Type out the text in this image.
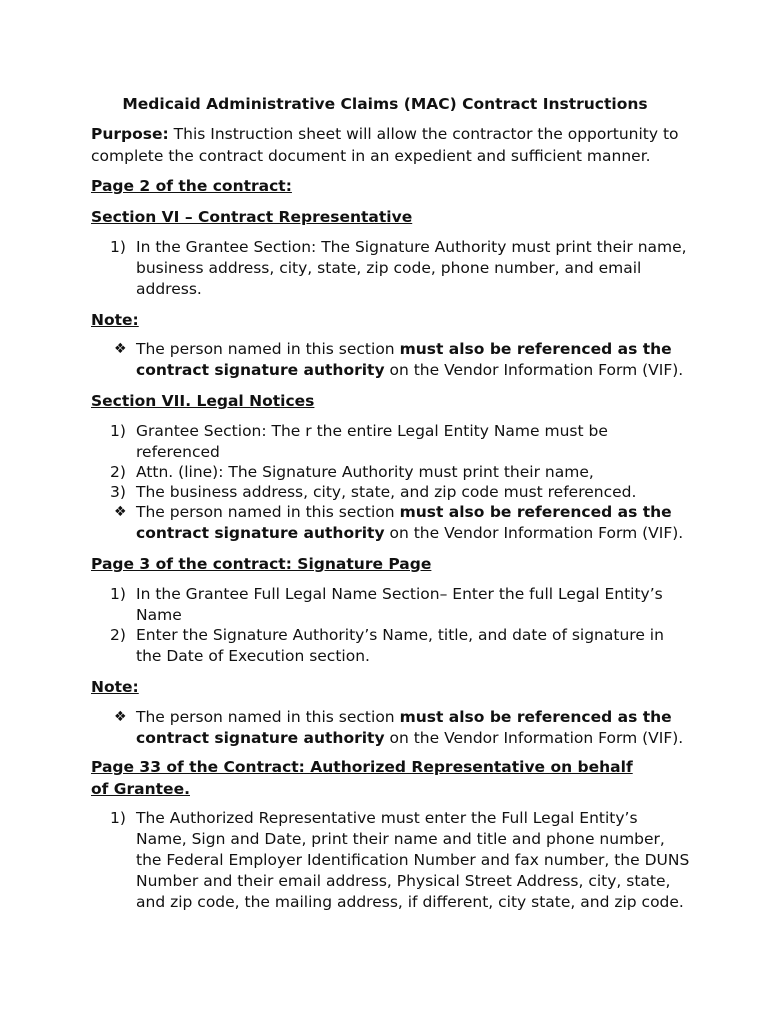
Medicaid Administrative Claims (MAC) Contract Instructions
Purpose: This Instruction sheet will allow the contractor the opportunity to complete the contract document in an expedient and sufficient manner.
Page 2 of the contract:
Section VI – Contract Representative
1) In the Grantee Section: The Signature Authority must print their name, business address, city, state, zip code, phone number, and email address.
Note:
❖ The person named in this section must also be referenced as the contract signature authority on the Vendor Information Form (VIF).
Section VII. Legal Notices
1) Grantee Section: The r the entire Legal Entity Name must be referenced
2) Attn. (line): The Signature Authority must print their name,
3) The business address, city, state, and zip code must referenced.
❖ The person named in this section must also be referenced as the contract signature authority on the Vendor Information Form (VIF).
Page 3 of the contract: Signature Page
1) In the Grantee Full Legal Name Section– Enter the full Legal Entity’s Name
2) Enter the Signature Authority’s Name, title, and date of signature in the Date of Execution section.
Note:
❖ The person named in this section must also be referenced as the contract signature authority on the Vendor Information Form (VIF).
Page 33 of the Contract: Authorized Representative on behalf of Grantee.
1) The Authorized Representative must enter the Full Legal Entity’s Name, Sign and Date, print their name and title and phone number, the Federal Employer Identification Number and fax number, the DUNS Number and their email address, Physical Street Address, city, state, and zip code, the mailing address, if different, city state, and zip code.
